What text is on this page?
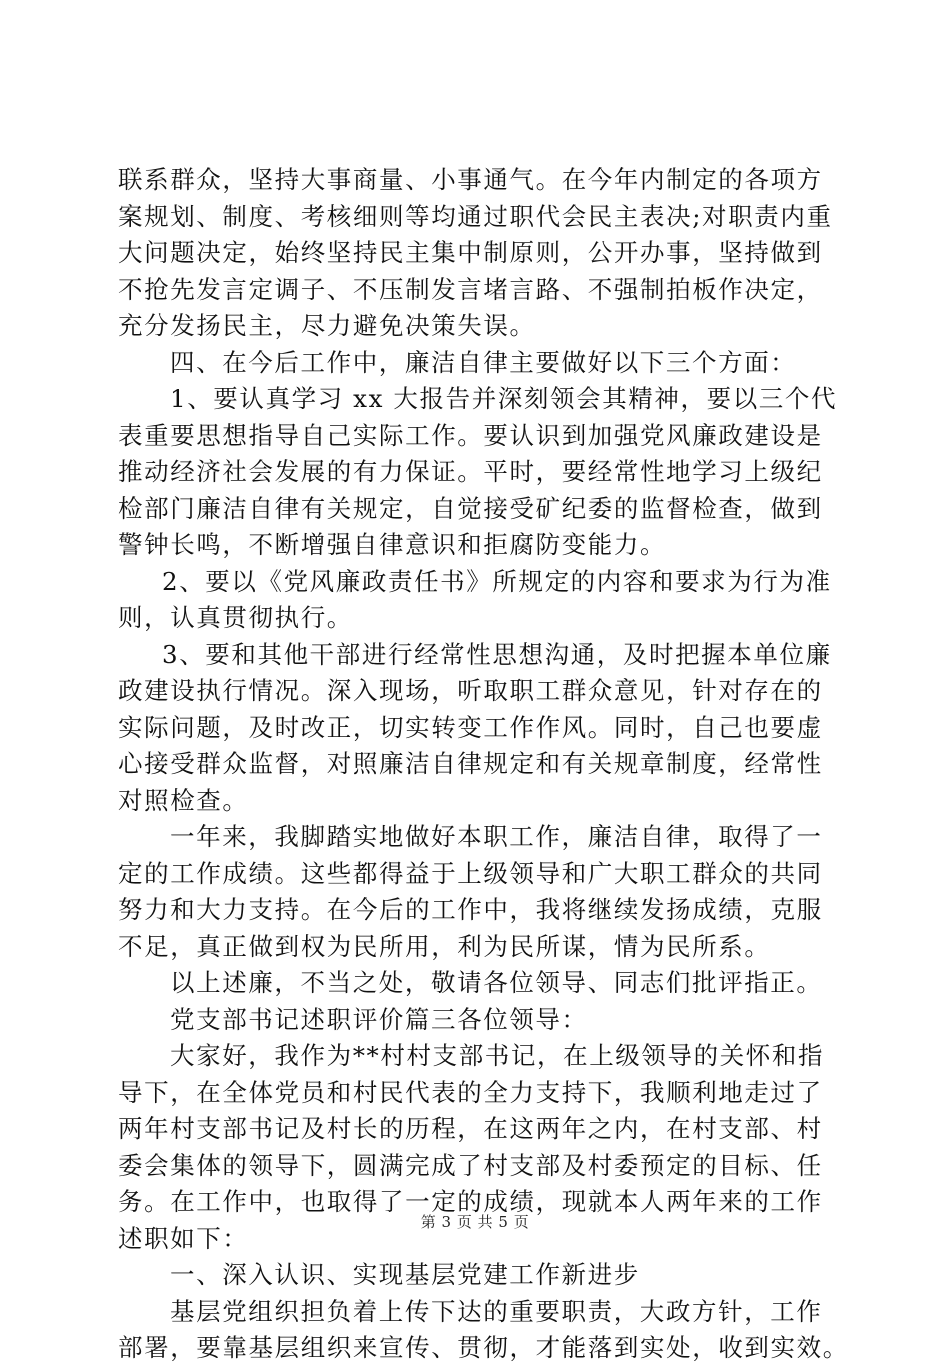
联系群众，坚持大事商量、小事通气。在今年内制定的各项方
案规划、制度、考核细则等均通过职代会民主表决;对职责内重
大问题决定，始终坚持民主集中制原则，公开办事，坚持做到
不抢先发言定调子、不压制发言堵言路、不强制拍板作决定，
充分发扬民主，尽力避免决策失误。
四、在今后工作中，廉洁自律主要做好以下三个方面：
1、要认真学习 xx 大报告并深刻领会其精神，要以三个代
表重要思想指导自己实际工作。要认识到加强党风廉政建设是
推动经济社会发展的有力保证。平时，要经常性地学习上级纪
检部门廉洁自律有关规定，自觉接受矿纪委的监督检查，做到
警钟长鸣，不断增强自律意识和拒腐防变能力。
2、要以《党风廉政责任书》所规定的内容和要求为行为准
则，认真贯彻执行。
3、要和其他干部进行经常性思想沟通，及时把握本单位廉
政建设执行情况。深入现场，听取职工群众意见，针对存在的
实际问题，及时改正，切实转变工作作风。同时，自己也要虚
心接受群众监督，对照廉洁自律规定和有关规章制度，经常性
对照检查。
一年来，我脚踏实地做好本职工作，廉洁自律，取得了一
定的工作成绩。这些都得益于上级领导和广大职工群众的共同
努力和大力支持。在今后的工作中，我将继续发扬成绩，克服
不足，真正做到权为民所用，利为民所谋，情为民所系。
以上述廉，不当之处，敬请各位领导、同志们批评指正。
党支部书记述职评价篇三各位领导：
大家好，我作为**村村支部书记，在上级领导的关怀和指
导下，在全体党员和村民代表的全力支持下，我顺利地走过了
两年村支部书记及村长的历程，在这两年之内，在村支部、村
委会集体的领导下，圆满完成了村支部及村委预定的目标、任
务。在工作中，也取得了一定的成绩，现就本人两年来的工作
述职如下：
一、深入认识、实现基层党建工作新进步
基层党组织担负着上传下达的重要职责，大政方针，工作
部署，要靠基层组织来宣传、贯彻，才能落到实处，收到实效。
第 3 页 共 5 页
